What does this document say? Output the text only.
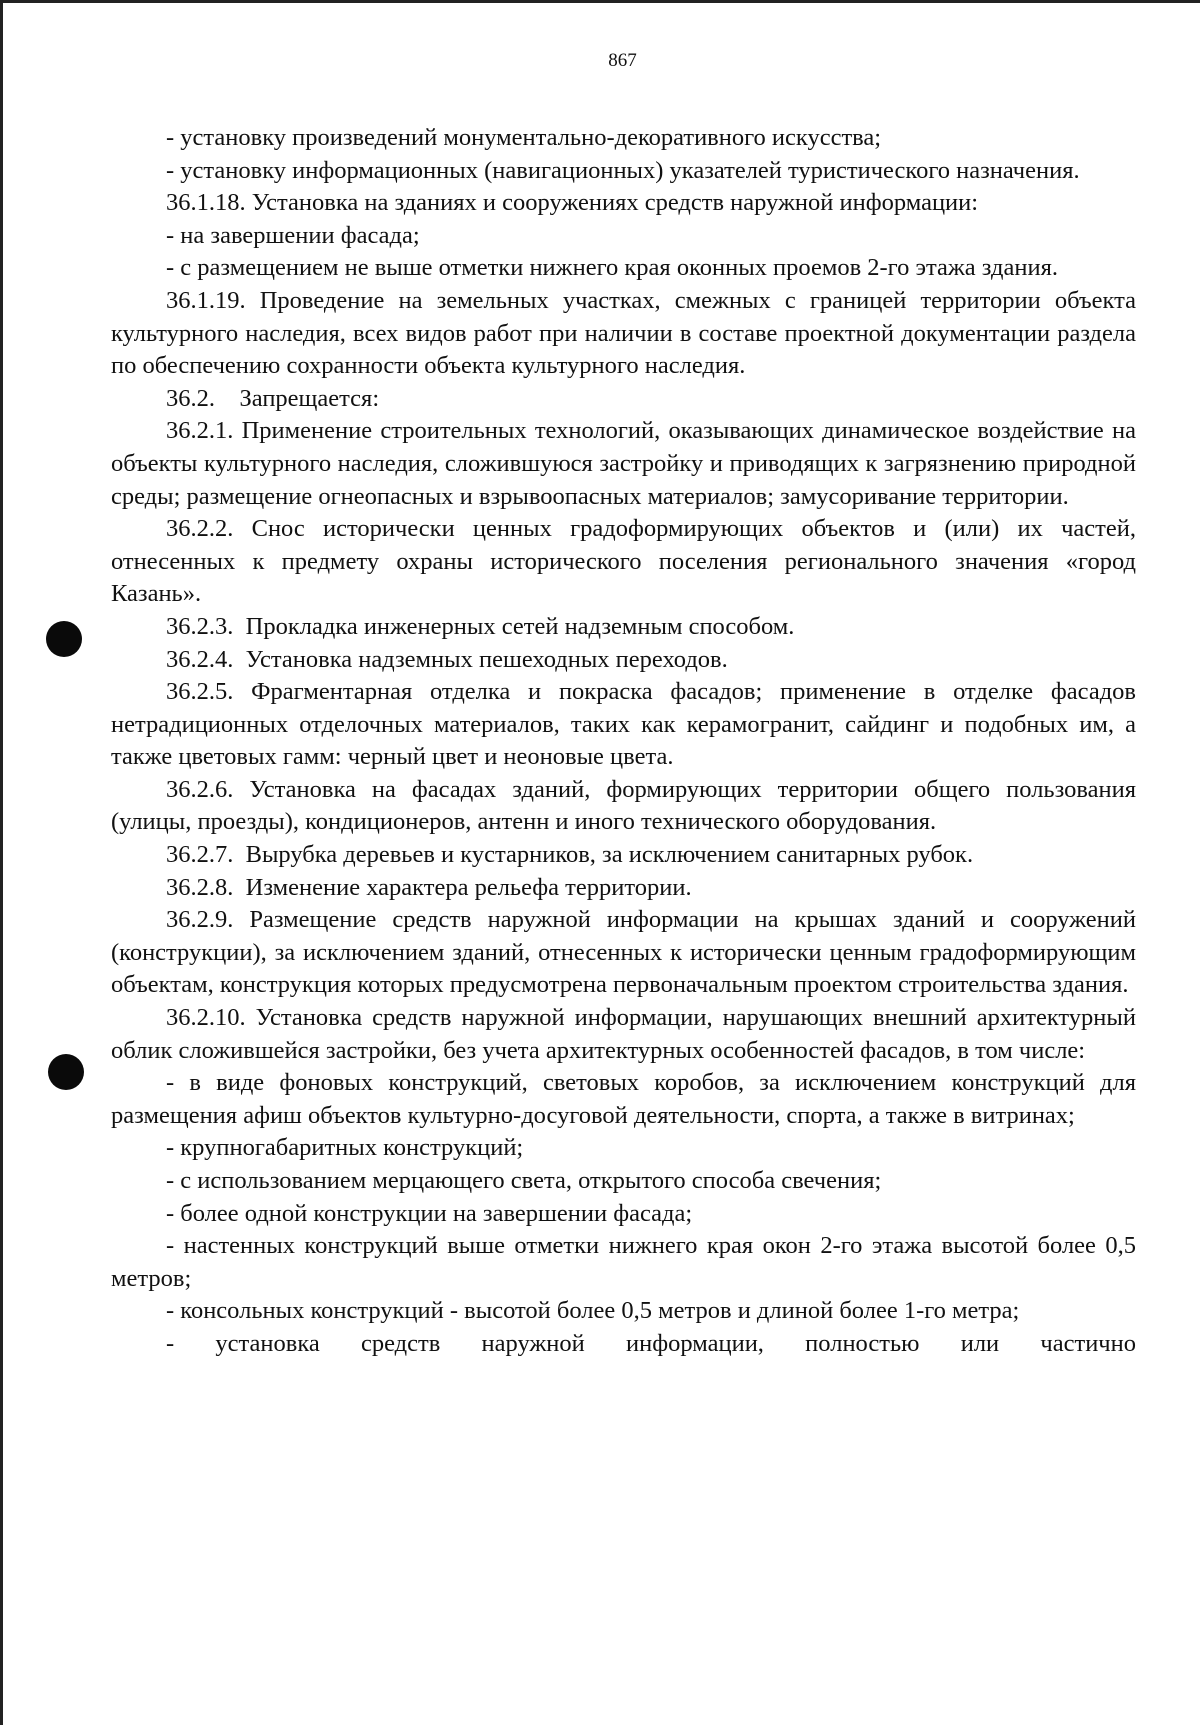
867

- установку произведений монументально-декоративного искусства;

- установку информационных (навигационных) указателей туристического назначения.

36.1.18. Установка на зданиях и сооружениях средств наружной информации:

- на завершении фасада;

- с размещением не выше отметки нижнего края оконных проемов 2-го этажа здания.

36.1.19. Проведение на земельных участках, смежных с границей территории объекта культурного наследия, всех видов работ при наличии в составе проектной документации раздела по обеспечению сохранности объекта культурного наследия.

36.2.    Запрещается:

36.2.1. Применение строительных технологий, оказывающих динамическое воздействие на объекты культурного наследия, сложившуюся застройку и приводящих к загрязнению природной среды; размещение огнеопасных и взрывоопасных материалов; замусоривание территории.

36.2.2. Снос исторически ценных градоформирующих объектов и (или) их частей, отнесенных к предмету охраны исторического поселения регионального значения «город Казань».

36.2.3.  Прокладка инженерных сетей надземным способом.

36.2.4.  Установка надземных пешеходных переходов.

36.2.5. Фрагментарная отделка и покраска фасадов; применение в отделке фасадов нетрадиционных отделочных материалов, таких как керамогранит, сайдинг и подобных им, а также цветовых гамм: черный цвет и неоновые цвета.

36.2.6. Установка на фасадах зданий, формирующих территории общего пользования (улицы, проезды), кондиционеров, антенн и иного технического оборудования.

36.2.7.  Вырубка деревьев и кустарников, за исключением санитарных рубок.

36.2.8.  Изменение характера рельефа территории.

36.2.9. Размещение средств наружной информации на крышах зданий и сооружений (конструкции), за исключением зданий, отнесенных к исторически ценным градоформирующим объектам, конструкция которых предусмотрена первоначальным проектом строительства здания.

36.2.10. Установка средств наружной информации, нарушающих внешний архитектурный облик сложившейся застройки, без учета архитектурных особенностей фасадов, в том числе:

- в виде фоновых конструкций, световых коробов, за исключением конструкций для размещения афиш объектов культурно-досуговой деятельности, спорта, а также в витринах;

- крупногабаритных конструкций;

- с использованием мерцающего света, открытого способа свечения;

- более одной конструкции на завершении фасада;

- настенных конструкций выше отметки нижнего края окон 2-го этажа высотой более 0,5 метров;

- консольных конструкций - высотой более 0,5 метров и длиной более 1-го метра;

- установка средств наружной информации, полностью или частично
